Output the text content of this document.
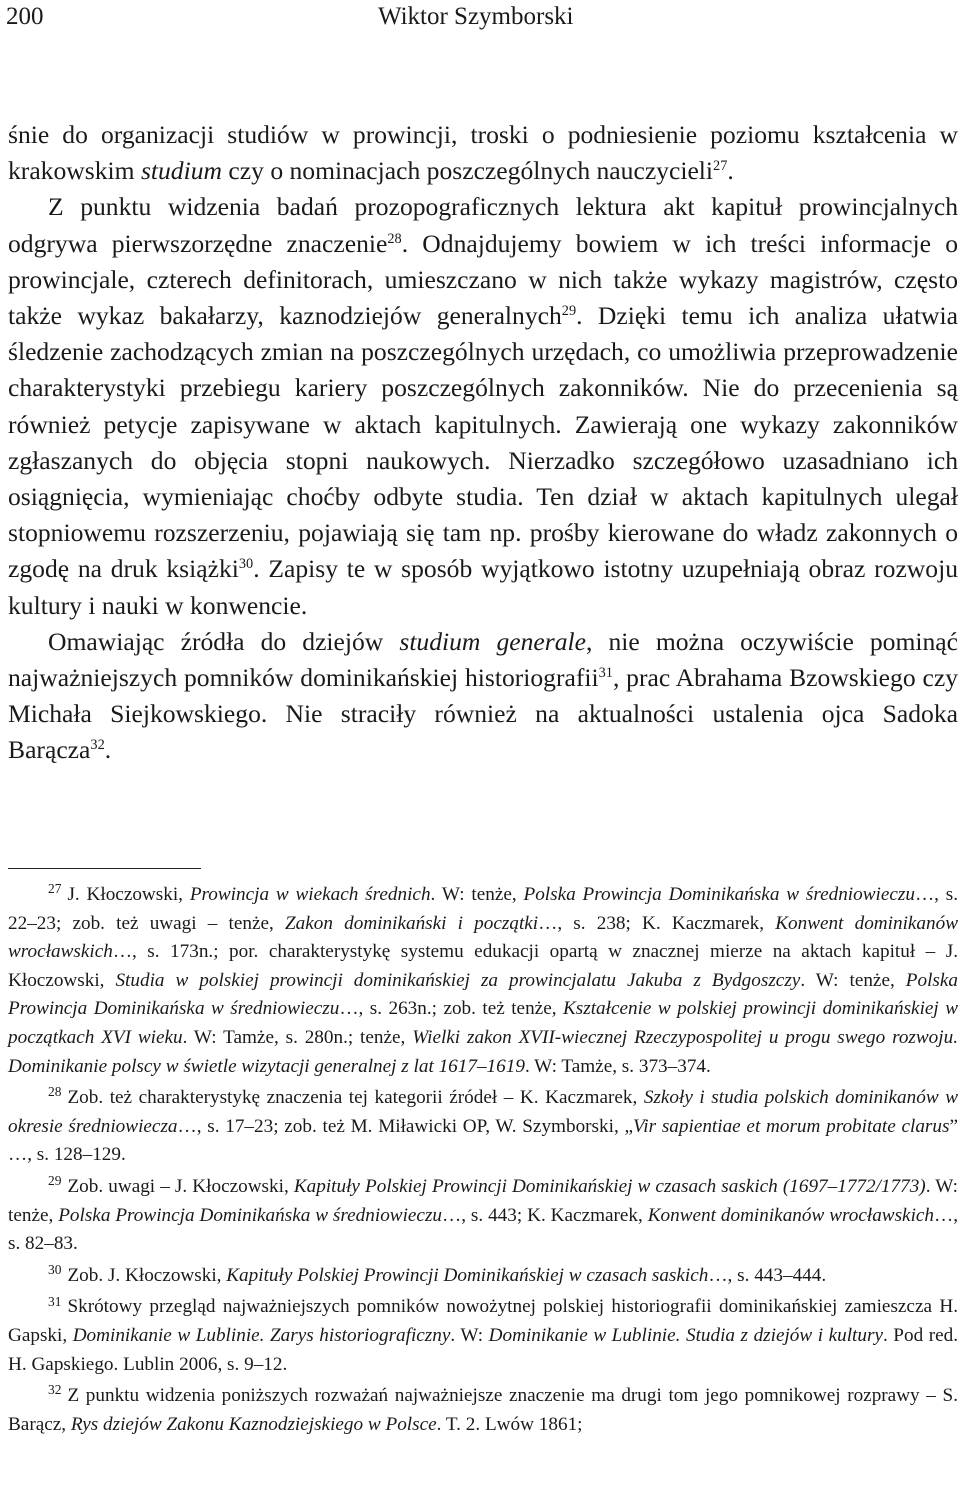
200	Wiktor Szymborski

śnie do organizacji studiów w prowincji, troski o podniesienie poziomu kształcenia w krakowskim studium czy o nominacjach poszczególnych nauczycieli$^{27}$.

Z punktu widzenia badań prozopograficznych lektura akt kapituł prowincjalnych odgrywa pierwszorzędne znaczenie$^{28}$. Odnajdujemy bowiem w ich treści informacje o prowincjale, czterech definitorach, umieszczano w nich także wykazy magistrów, często także wykaz bakałarzy, kaznodziejów generalnych$^{29}$. Dzięki temu ich analiza ułatwia śledzenie zachodzących zmian na poszczególnych urzędach, co umożliwia przeprowadzenie charakterystyki przebiegu kariery poszczególnych zakonników. Nie do przecenienia są również petycje zapisywane w aktach kapitulnych. Zawierają one wykazy zakonników zgłaszanych do objęcia stopni naukowych. Nierzadko szczegółowo uzasadniano ich osiągnięcia, wymieniając choćby odbyte studia. Ten dział w aktach kapitulnych ulegał stopniowemu rozszerzeniu, pojawiają się tam np. prośby kierowane do władz zakonnych o zgodę na druk książki$^{30}$. Zapisy te w sposób wyjątkowo istotny uzupełniają obraz rozwoju kultury i nauki w konwencie.

Omawiając źródła do dziejów studium generale, nie można oczywiście pominąć najważniejszych pomników dominikańskiej historiografii$^{31}$, prac Abrahama Bzowskiego czy Michała Siejkowskiego. Nie straciły również na aktualności ustalenia ojca Sadoka Barącza$^{32}$.

$^{27}$ J. Kłoczowski, Prowincja w wiekach średnich. W: tenże, Polska Prowincja Dominikańska w średniowieczu…, s. 22–23; zob. też uwagi – tenże, Zakon dominikański i początki…, s. 238; K. Kaczmarek, Konwent dominikanów wrocławskich…, s. 173n.; por. charakterystykę systemu edukacji opartą w znacznej mierze na aktach kapituł – J. Kłoczowski, Studia w polskiej prowincji dominikańskiej za prowincjalatu Jakuba z Bydgoszczy. W: tenże, Polska Prowincja Dominikańska w średniowieczu…, s. 263n.; zob. też tenże, Kształcenie w polskiej prowincji dominikańskiej w początkach XVI wieku. W: Tamże, s. 280n.; tenże, Wielki zakon XVII-wiecznej Rzeczypospolitej u progu swego rozwoju. Dominikanie polscy w świetle wizytacji generalnej z lat 1617–1619. W: Tamże, s. 373–374.

$^{28}$ Zob. też charakterystykę znaczenia tej kategorii źródeł – K. Kaczmarek, Szkoły i studia polskich dominikanów w okresie średniowiecza…, s. 17–23; zob. też M. Miławicki OP, W. Szymborski, „Vir sapientiae et morum probitate clarus” …, s. 128–129.

$^{29}$ Zob. uwagi – J. Kłoczowski, Kapituły Polskiej Prowincji Dominikańskiej w czasach saskich (1697–1772/1773). W: tenże, Polska Prowincja Dominikańska w średniowieczu…, s. 443; K. Kaczmarek, Konwent dominikanów wrocławskich…, s. 82–83.

$^{30}$ Zob. J. Kłoczowski, Kapituły Polskiej Prowincji Dominikańskiej w czasach saskich…, s. 443–444.

$^{31}$ Skrótowy przegląd najważniejszych pomników nowożytnej polskiej historiografii dominikańskiej zamieszcza H. Gapski, Dominikanie w Lublinie. Zarys historiograficzny. W: Dominikanie w Lublinie. Studia z dziejów i kultury. Pod red. H. Gapskiego. Lublin 2006, s. 9–12.

$^{32}$ Z punktu widzenia poniższych rozważań najważniejsze znaczenie ma drugi tom jego pomnikowej rozprawy – S. Barącz, Rys dziejów Zakonu Kaznodziejskiego w Polsce. T. 2. Lwów 1861;
